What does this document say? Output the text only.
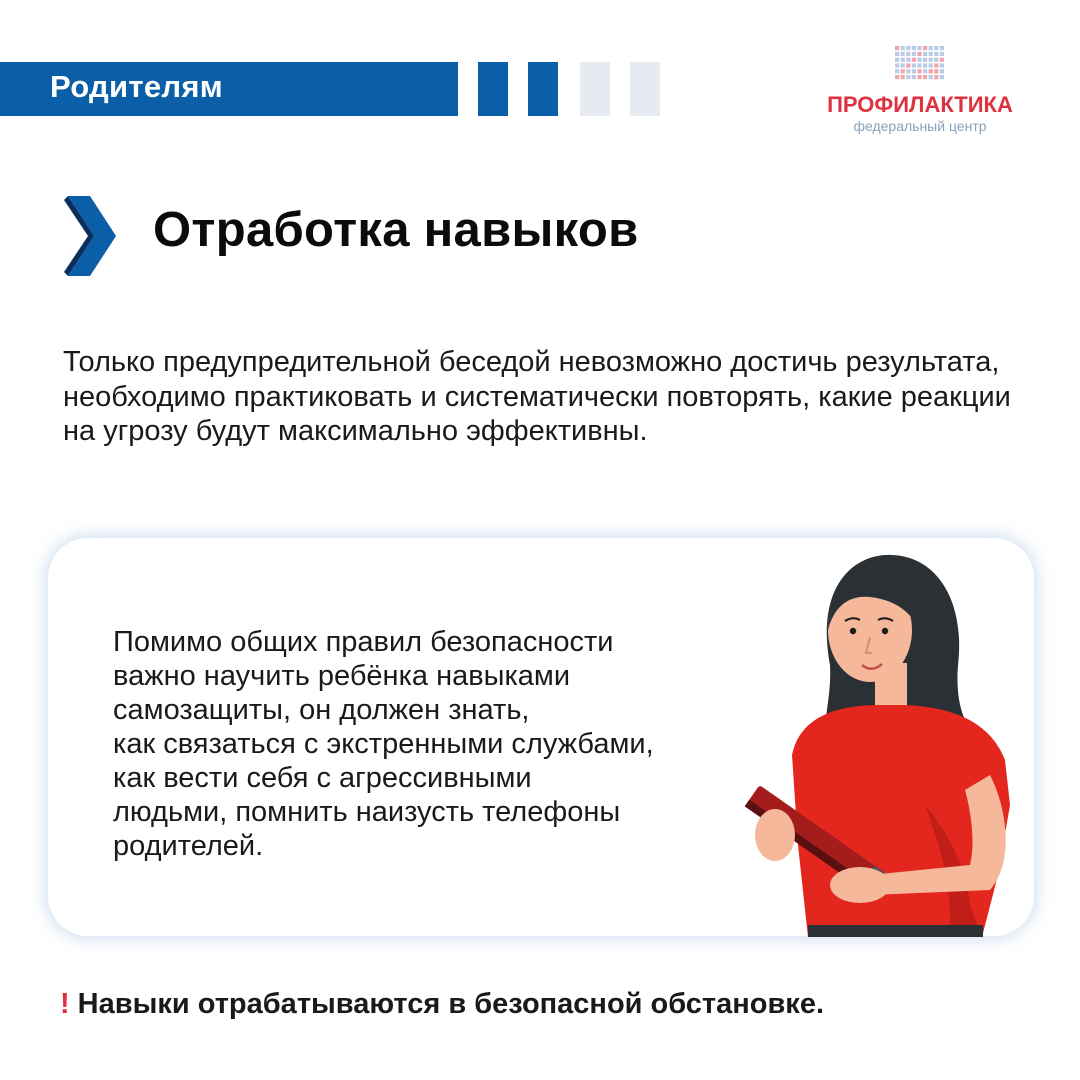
Родителям
ПРОФИЛАКТИКА
федеральный центр
Отработка навыков
Только предупредительной беседой невозможно достичь результата, необходимо практиковать и систематически повторять, какие реакции на угрозу будут максимально эффективны.
Помимо общих правил безопасности
важно научить ребёнка навыками
самозащиты, он должен знать,
как связаться с экстренными службами,
как вести себя с агрессивными
людьми, помнить наизусть телефоны
родителей.
! Навыки отрабатываются в безопасной обстановке.
